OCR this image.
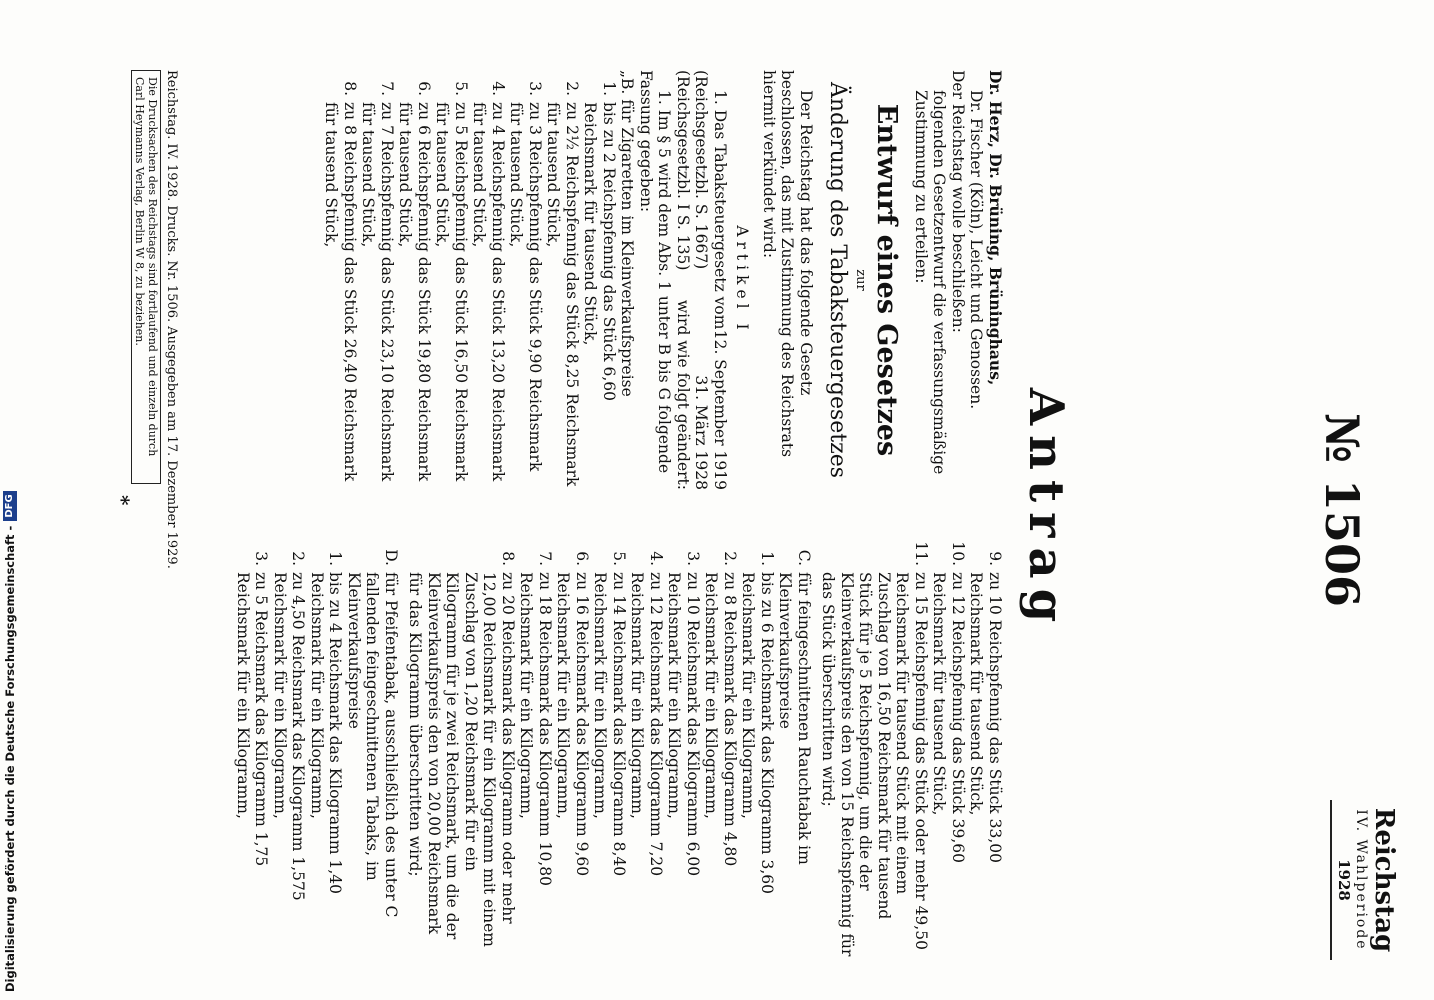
Reichstag
IV. Wahlperiode
1928
№ 1506
Antrag

Dr. Herz, Dr. Brüning, Brüninghaus,

Dr. Fischer (Köln), Leicht und Genossen.

Der Reichstag wolle beschließen:

folgenden Gesetzentwurf die verfassungsmäßige Zustimmung zu erteilen:

Entwurf eines Gesetzes

zur

Änderung des Tabaksteuergesetzes

Der Reichstag hat das folgende Gesetz beschlossen, das mit Zustimmung des Reichsrats hiermit verkündet wird:

Artikel I

1. Das Tabaksteuergesetz vom
12. September 1919
(Reichsgesetzbl. S. 1667)
31. März 1928
(Reichsgesetzbl. I S. 135)
wird wie folgt geändert:

1. Im § 5 wird dem Abs. 1 unter B bis G folgende Fassung gegeben:

„B. für Zigaretten im Kleinverkaufspreise

1.
bis zu 2 Reichspfennig das Stück 6,60 Reichsmark für tausend Stück,
2.
zu 2½ Reichspfennig das Stück 8,25 Reichsmark für tausend Stück,
3.
zu 3 Reichspfennig das Stück 9,90 Reichsmark für tausend Stück,
4.
zu 4 Reichspfennig das Stück 13,20 Reichsmark für tausend Stück,
5.
zu 5 Reichspfennig das Stück 16,50 Reichsmark für tausend Stück,
6.
zu 6 Reichspfennig das Stück 19,80 Reichsmark für tausend Stück,
7.
zu 7 Reichspfennig das Stück 23,10 Reichsmark für tausend Stück,
8.
zu 8 Reichspfennig das Stück 26,40 Reichsmark für tausend Stück,
9.
zu 10 Reichspfennig das Stück 33,00 Reichsmark für tausend Stück,
10.
zu 12 Reichspfennig das Stück 39,60 Reichsmark für tausend Stück,
11.
zu 15 Reichspfennig das Stück oder mehr 49,50 Reichsmark für tausend Stück mit einem Zuschlag von 16,50 Reichsmark für tausend Stück für je 5 Reichspfennig, um die der Kleinverkaufspreis den von 15 Reichspfennig für das Stück überschritten wird;
C.
für feingeschnittenen Rauchtabak im Kleinverkaufspreise
1.
bis zu 6 Reichsmark das Kilogramm 3,60 Reichsmark für ein Kilogramm,
2.
zu 8 Reichsmark das Kilogramm 4,80 Reichsmark für ein Kilogramm,
3.
zu 10 Reichsmark das Kilogramm 6,00 Reichsmark für ein Kilogramm,
4.
zu 12 Reichsmark das Kilogramm 7,20 Reichsmark für ein Kilogramm,
5.
zu 14 Reichsmark das Kilogramm 8,40 Reichsmark für ein Kilogramm,
6.
zu 16 Reichsmark das Kilogramm 9,60 Reichsmark für ein Kilogramm,
7.
zu 18 Reichsmark das Kilogramm 10,80 Reichsmark für ein Kilogramm,
8.
zu 20 Reichsmark das Kilogramm oder mehr 12,00 Reichsmark für ein Kilogramm mit einem Zuschlag von 1,20 Reichsmark für ein Kilogramm für je zwei Reichsmark, um die der Kleinverkaufspreis den von 20,00 Reichsmark für das Kilogramm überschritten wird;
D.
für Pfeifentabak, ausschließlich des unter C fallenden feingeschnittenen Tabaks, im Kleinverkaufspreise
1.
bis zu 4 Reichsmark das Kilogramm 1,40 Reichsmark für ein Kilogramm,
2.
zu 4,50 Reichsmark das Kilogramm 1,575 Reichsmark für ein Kilogramm,
3.
zu 5 Reichsmark das Kilogramm 1,75 Reichsmark für ein Kilogramm,
Reichstag. IV. 1928. Drucks. Nr. 1506. Ausgegeben am 17. Dezember 1929.
Die Drucksachen des Reichstags sind fortlaufend und einzeln durch Carl Heymanns Verlag, Berlin W 8, zu beziehen.
*
Digitalisierung gefördert durch die Deutsche Forschungsgemeinschaft -
DFG
